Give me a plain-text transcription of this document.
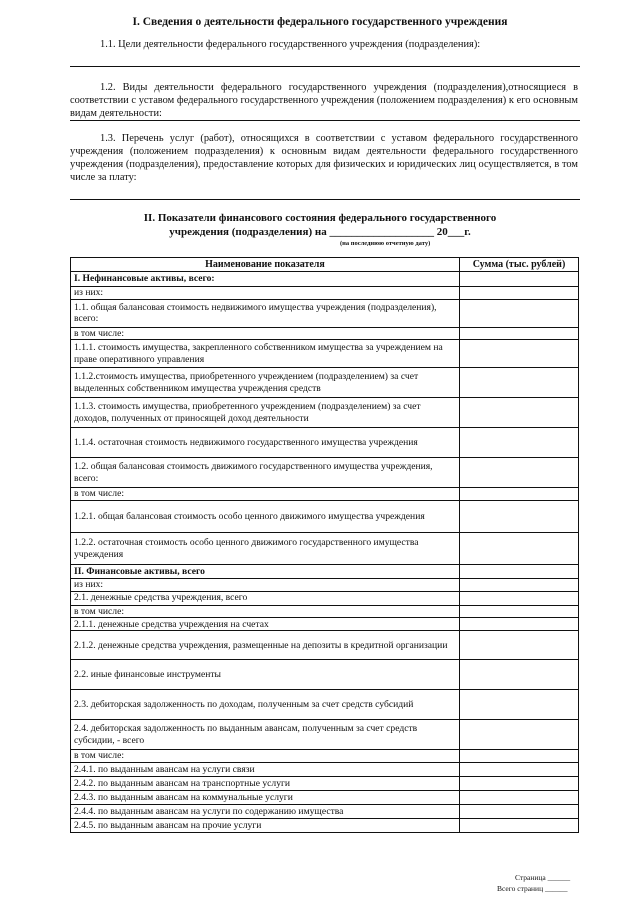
I. Сведения о деятельности федерального государственного учреждения
1.1. Цели деятельности федерального государственного учреждения (подразделения):
1.2. Виды деятельности федерального государственного учреждения (подразделения),относящиеся в соответствии с уставом федерального государственного учреждения (положением подразделения) к его основным видам деятельности:
1.3. Перечень услуг (работ), относящихся в соответствии с уставом федерального государственного учреждения (положением подразделения) к основным видам деятельности федерального государственного учреждения (подразделения), предоставление которых для физических и юридических лиц осуществляется, в том числе за плату:
II. Показатели финансового состояния федерального государственного
учреждения (подразделения) на ___________________ 20___г.
(на последнюю отчетную дату)
Наименование показателя	Сумма (тыс. рублей)
I. Нефинансовые активы, всего:	
из них:	
1.1. общая балансовая стоимость недвижимого имущества учреждения (подразделения), всего:	
в том числе:	
1.1.1. стоимость имущества, закрепленного собственником имущества за учреждением на праве оперативного управления	
1.1.2.стоимость имущества, приобретенного учреждением (подразделением) за счет выделенных собственником имущества учреждения средств	
1.1.3. стоимость имущества, приобретенного учреждением (подразделением) за счет доходов, полученных от приносящей доход деятельности	
1.1.4. остаточная стоимость недвижимого государственного имущества учреждения	
1.2. общая балансовая стоимость движимого государственного имущества учреждения, всего:	
в том числе:	
1.2.1. общая балансовая стоимость особо ценного движимого имущества учреждения	
1.2.2. остаточная стоимость особо ценного движимого государственного имущества учреждения	
II. Финансовые активы, всего	
из них:	
2.1. денежные средства учреждения, всего	
в том числе:	
2.1.1. денежные средства учреждения на счетах	
2.1.2. денежные средства учреждения, размещенные на депозиты в кредитной организации	
2.2. иные финансовые инструменты	
2.3. дебиторская задолженность по доходам, полученным за счет средств субсидий	
2.4. дебиторская задолженность по выданным авансам, полученным за счет средств субсидии, - всего	
в том числе:	
2.4.1. по выданным авансам на услуги связи	
2.4.2. по выданным авансам на транспортные услуги	
2.4.3. по выданным авансам на коммунальные услуги	
2.4.4. по выданным авансам на услуги по содержанию имущества	
2.4.5. по выданным авансам на прочие услуги	
Страница ______
Всего страниц ______
